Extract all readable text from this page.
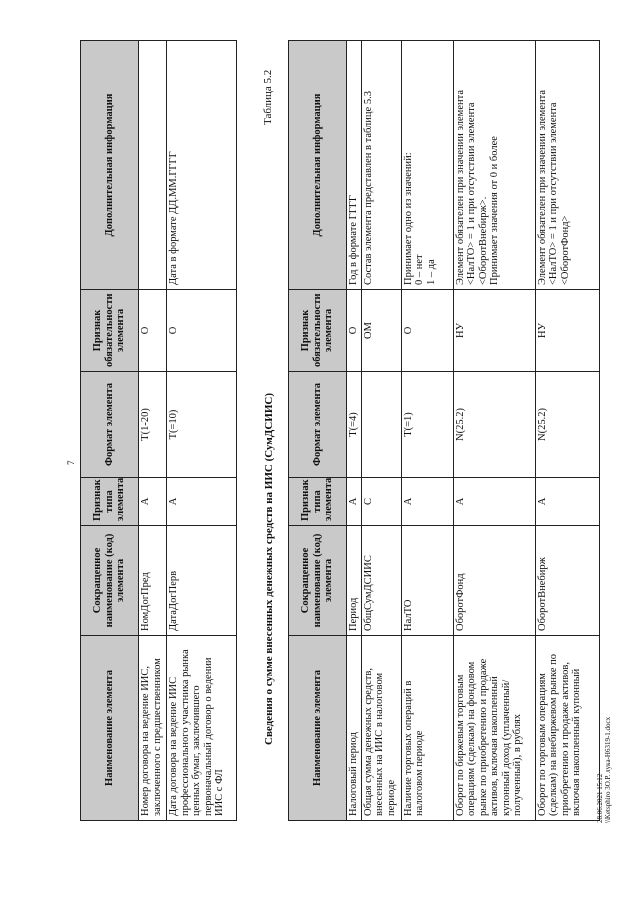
7
Наименование элемента	Сокращенное наименование (код) элемента	Признак типа элемента	Формат элемента	Признак обязательности элемента	Дополнительная информация
Номер договора на ведение ИИС, заключенного с предшественником	НомДогПред	А	T(1-20)	О	
Дата договора на ведение ИИС профессионального участника рынка ценных бумаг, заключившего первоначальный договор о ведении ИИС с ФЛ	ДатаДогПерв	А	T(=10)	О	Дата в формате ДД.ММ.ГГГГ
Сведения о сумме внесенных денежных средств на ИИС (СумДСИИС)
Таблица 5.2
Наименование элемента	Сокращенное наименование (код) элемента	Признак типа элемента	Формат элемента	Признак обязательности элемента	Дополнительная информация
Налоговый период	Период	А	T(=4)	О	Год в формате ГГГГ
Общая сумма денежных средств, внесенных на ИИС в налоговом периоде	ОбщСумДСИИС	С		ОМ	Состав элемента представлен в таблице 5.3
Наличие торговых операций в налоговом периоде	НалТО	А	T(=1)	О	Принимает одно из значений:
0 – нет
1 – да
Оборот по биржевым торговым операциям (сделкам) на фондовом рынке по приобретению и продаже активов, включая накопленный купонный доход (уплаченный/полученный), в рублях	ОборотФонд	А	N(25.2)	НУ	Элемент обязателен при значении элемента <НалТО> = 1 и при отсутствии элемента <ОборотВнебирж>.
Принимает значения от 0 и более
Оборот по торговым операциям (сделкам) на внебиржевом рынке по приобретению и продаже активов, включая накопленный купонный	ОборотВнебирж	А	N(25.2)	НУ	Элемент обязателен при значении элемента <НалТО> = 1 и при отсутствии элемента <ОборотФонд>
28.06.2021 15:12 \\Ketsphiro 3O.P. лука-Н6319-1.docx
